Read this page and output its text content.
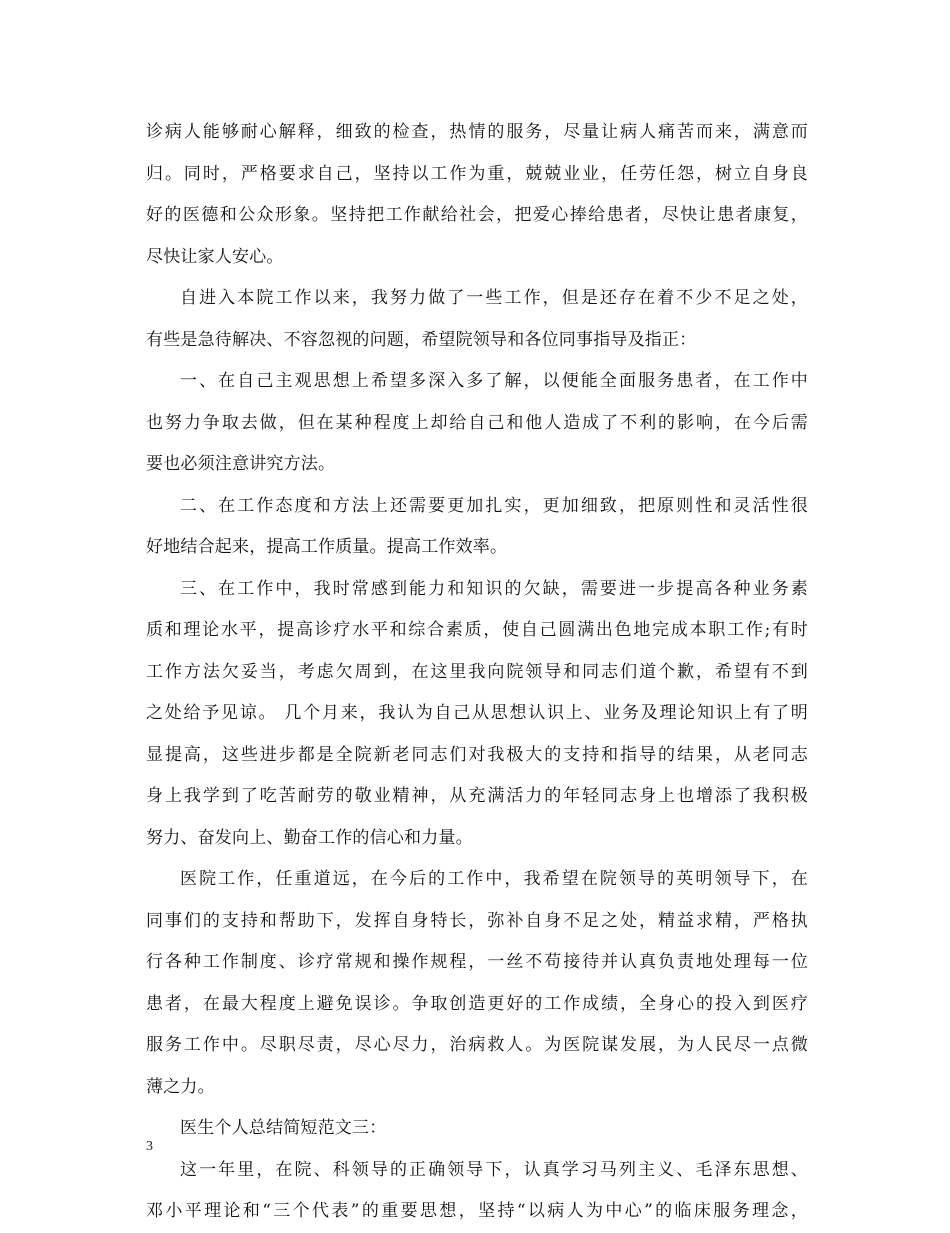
诊病人能够耐心解释，细致的检查，热情的服务，尽量让病人痛苦而来，满意而
归。同时，严格要求自己，坚持以工作为重，兢兢业业，任劳任怨，树立自身良
好的医德和公众形象。坚持把工作献给社会，把爱心捧给患者，尽快让患者康复，
尽快让家人安心。
自进入本院工作以来，我努力做了一些工作，但是还存在着不少不足之处，
有些是急待解决、不容忽视的问题，希望院领导和各位同事指导及指正：
一、在自己主观思想上希望多深入多了解，以便能全面服务患者，在工作中
也努力争取去做，但在某种程度上却给自己和他人造成了不利的影响，在今后需
要也必须注意讲究方法。
二、在工作态度和方法上还需要更加扎实，更加细致，把原则性和灵活性很
好地结合起来，提高工作质量。提高工作效率。
三、在工作中，我时常感到能力和知识的欠缺，需要进一步提高各种业务素
质和理论水平，提高诊疗水平和综合素质，使自己圆满出色地完成本职工作;有时
工作方法欠妥当，考虑欠周到，在这里我向院领导和同志们道个歉，希望有不到
之处给予见谅。 几个月来，我认为自己从思想认识上、业务及理论知识上有了明
显提高，这些进步都是全院新老同志们对我极大的支持和指导的结果，从老同志
身上我学到了吃苦耐劳的敬业精神，从充满活力的年轻同志身上也增添了我积极
努力、奋发向上、勤奋工作的信心和力量。
医院工作，任重道远，在今后的工作中，我希望在院领导的英明领导下，在
同事们的支持和帮助下，发挥自身特长，弥补自身不足之处，精益求精，严格执
行各种工作制度、诊疗常规和操作规程，一丝不苟接待并认真负责地处理每一位
患者，在最大程度上避免误诊。争取创造更好的工作成绩，全身心的投入到医疗
服务工作中。尽职尽责，尽心尽力，治病救人。为医院谋发展，为人民尽一点微
薄之力。
医生个人总结简短范文三：
这一年里，在院、科领导的正确领导下，认真学习马列主义、毛泽东思想、
邓小平理论和“三个代表”的重要思想，坚持“以病人为中心”的临床服务理念，
3
